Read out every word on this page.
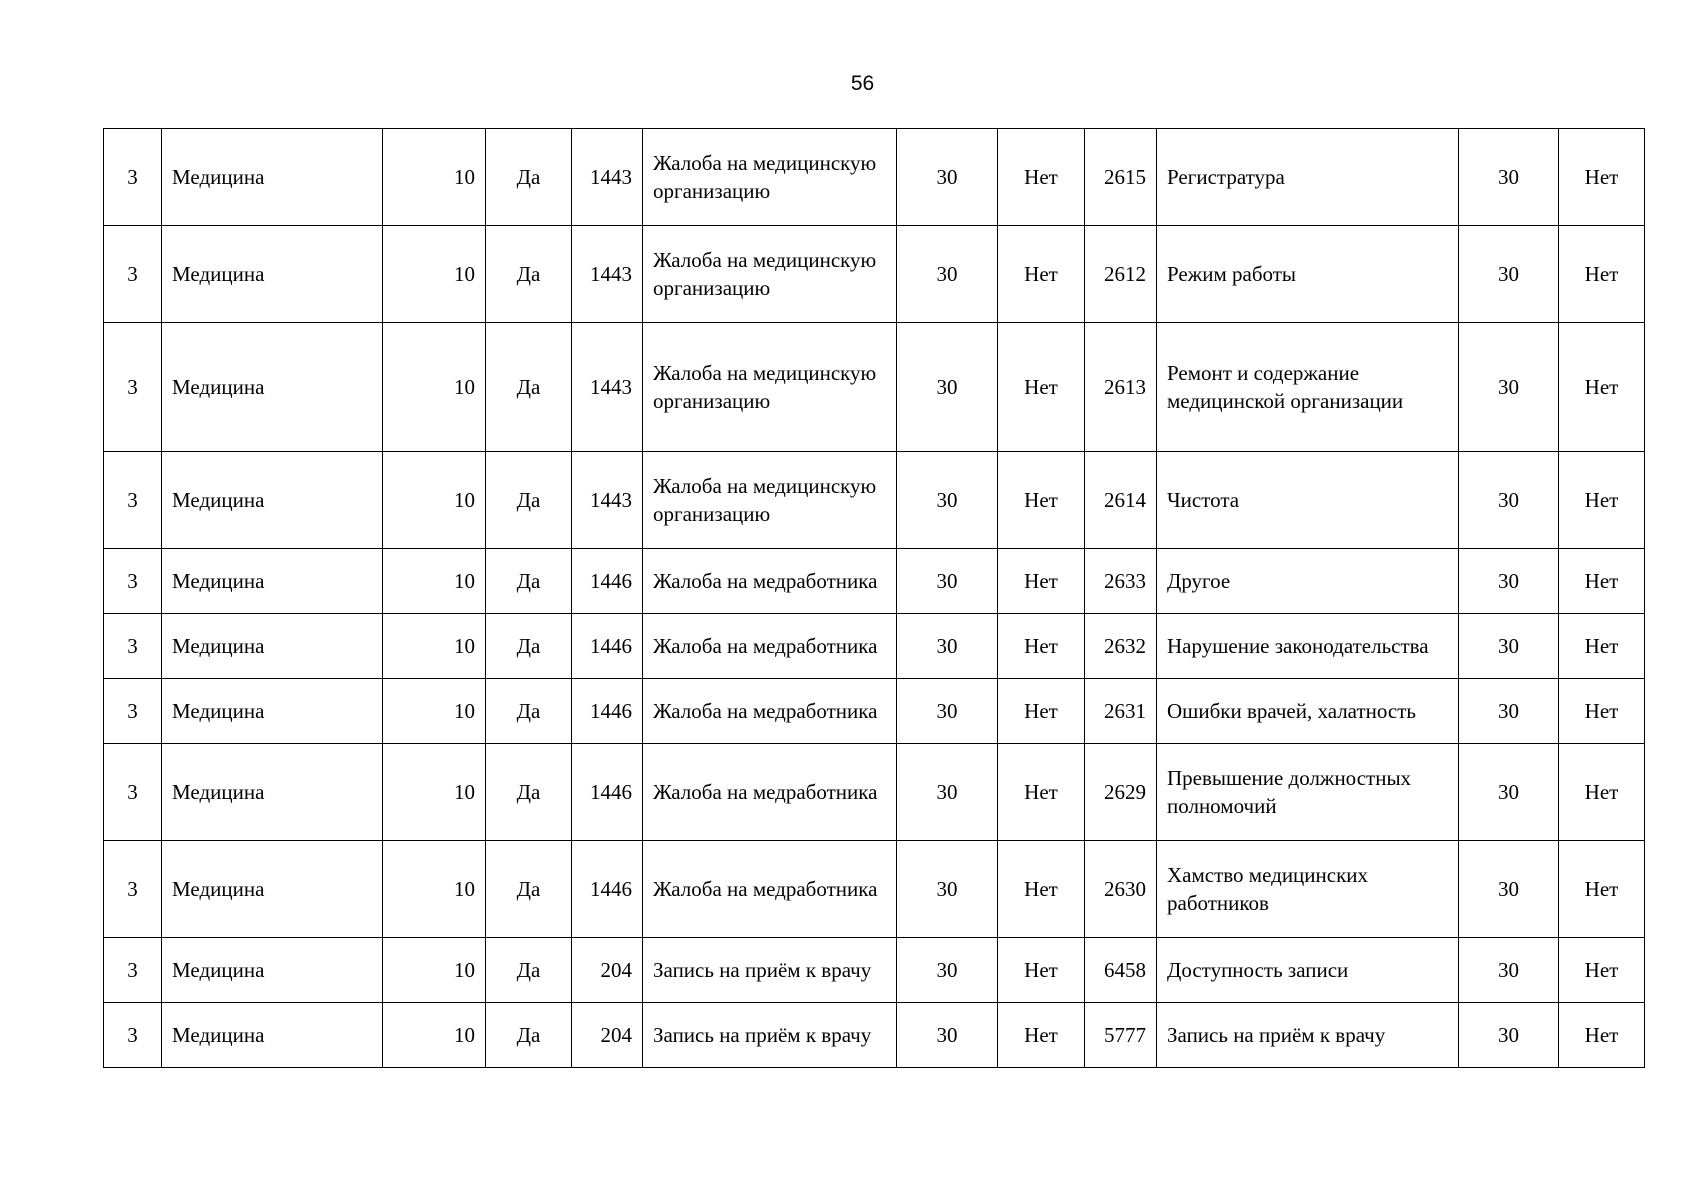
56
3	Медицина	10	Да	1443	Жалоба на медицинскую организацию	30	Нет	2615	Регистратура	30	Нет
3	Медицина	10	Да	1443	Жалоба на медицинскую организацию	30	Нет	2612	Режим работы	30	Нет
3	Медицина	10	Да	1443	Жалоба на медицинскую организацию	30	Нет	2613	Ремонт и содержание медицинской организации	30	Нет
3	Медицина	10	Да	1443	Жалоба на медицинскую организацию	30	Нет	2614	Чистота	30	Нет
3	Медицина	10	Да	1446	Жалоба на медработника	30	Нет	2633	Другое	30	Нет
3	Медицина	10	Да	1446	Жалоба на медработника	30	Нет	2632	Нарушение законодательства	30	Нет
3	Медицина	10	Да	1446	Жалоба на медработника	30	Нет	2631	Ошибки врачей, халатность	30	Нет
3	Медицина	10	Да	1446	Жалоба на медработника	30	Нет	2629	Превышение должностных полномочий	30	Нет
3	Медицина	10	Да	1446	Жалоба на медработника	30	Нет	2630	Хамство медицинских работников	30	Нет
3	Медицина	10	Да	204	Запись на приём к врачу	30	Нет	6458	Доступность записи	30	Нет
3	Медицина	10	Да	204	Запись на приём к врачу	30	Нет	5777	Запись на приём к врачу	30	Нет
